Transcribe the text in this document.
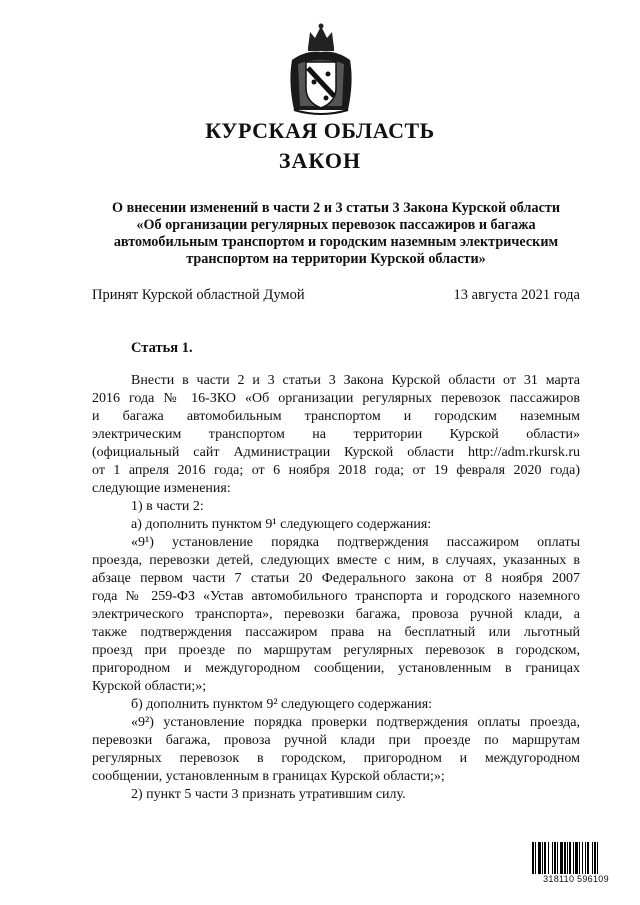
КУРСКАЯ ОБЛАСТЬ
ЗАКОН
О внесении изменений в части 2 и 3 статьи 3 Закона Курской области
«Об организации регулярных перевозок пассажиров и багажа
автомобильным транспортом и городским наземным электрическим
транспортом на территории Курской области»
Принят Курской областной Думой	13 августа 2021 года
Статья 1.
Внести в части 2 и 3 статьи 3 Закона Курской области от 31 марта
2016 года № 16-ЗКО «Об организации регулярных перевозок пассажиров
и багажа автомобильным транспортом и городским наземным
электрическим транспортом на территории Курской области»
(официальный сайт Администрации Курской области http://adm.rkursk.ru
от 1 апреля 2016 года; от 6 ноября 2018 года; от 19 февраля 2020 года)
следующие изменения:
1) в части 2:
а) дополнить пунктом 9¹ следующего содержания:
«9¹) установление порядка подтверждения пассажиром оплаты
проезда, перевозки детей, следующих вместе с ним, в случаях, указанных в
абзаце первом части 7 статьи 20 Федерального закона от 8 ноября 2007
года № 259-ФЗ «Устав автомобильного транспорта и городского наземного
электрического транспорта», перевозки багажа, провоза ручной клади, а
также подтверждения пассажиром права на бесплатный или льготный
проезд при проезде по маршрутам регулярных перевозок в городском,
пригородном и междугородном сообщении, установленным в границах
Курской области;»;
б) дополнить пунктом 9² следующего содержания:
«9²) установление порядка проверки подтверждения оплаты проезда,
перевозки багажа, провоза ручной клади при проезде по маршрутам
регулярных перевозок в городском, пригородном и междугородном
сообщении, установленным в границах Курской области;»;
2) пункт 5 части 3 признать утратившим силу.
318110 596109
